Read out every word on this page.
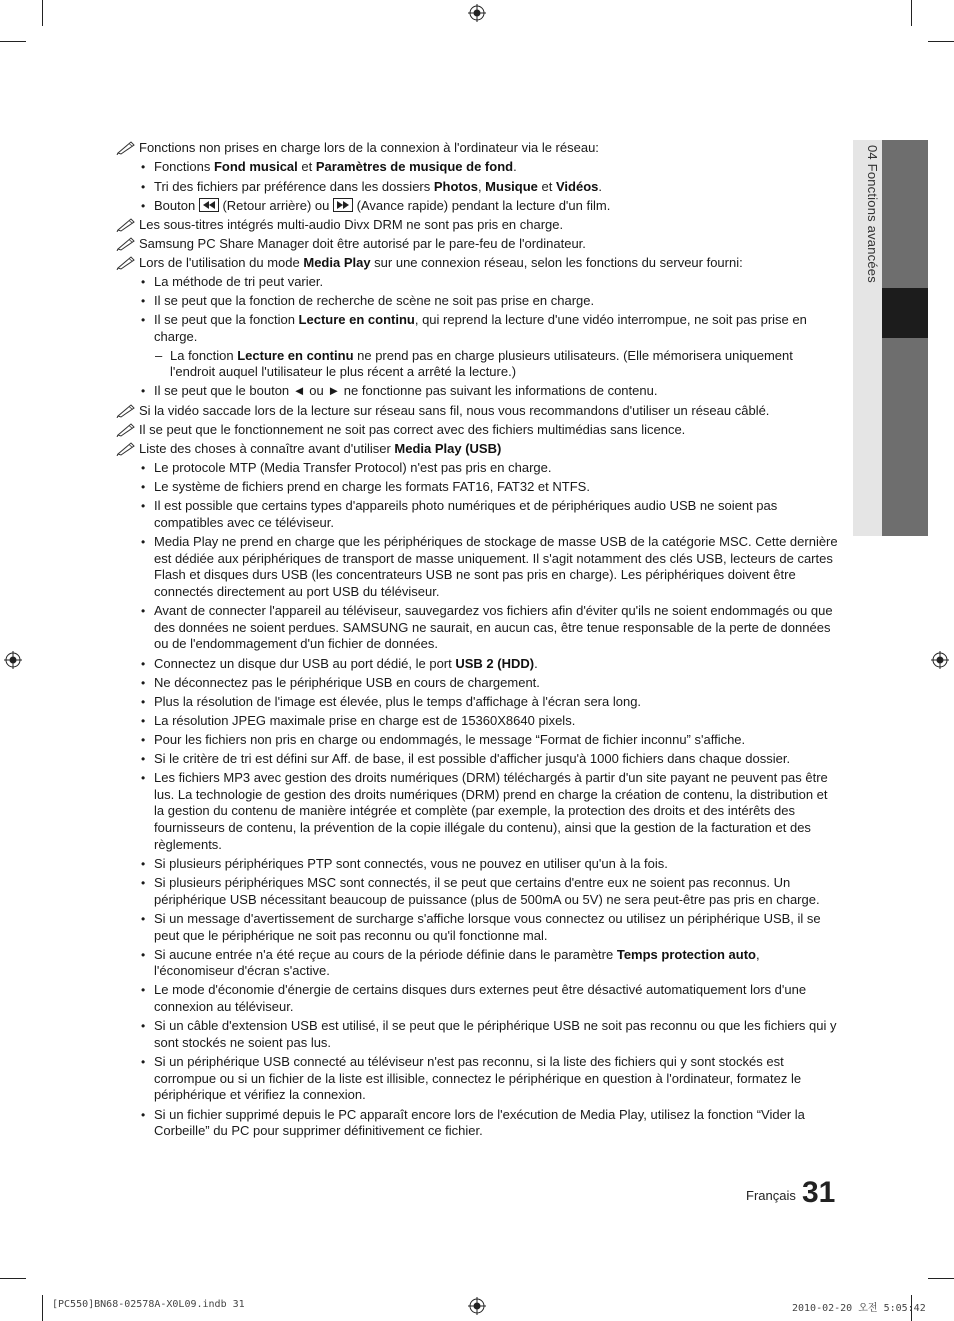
04 Fonctions avancées
Fonctions non prises en charge lors de la connexion à l'ordinateur via le réseau:
• Fonctions Fond musical et Paramètres de musique de fond.
• Tri des fichiers par préférence dans les dossiers Photos, Musique et Vidéos.
• Bouton  (Retour arrière) ou  (Avance rapide) pendant la lecture d'un film.
Les sous-titres intégrés multi-audio Divx DRM ne sont pas pris en charge.
Samsung PC Share Manager doit être autorisé par le pare-feu de l'ordinateur.
Lors de l'utilisation du mode Media Play sur une connexion réseau, selon les fonctions du serveur fourni:
• La méthode de tri peut varier.
• Il se peut que la fonction de recherche de scène ne soit pas prise en charge.
• Il se peut que la fonction Lecture en continu, qui reprend la lecture d'une vidéo interrompue, ne soit pas prise en charge.
– La fonction Lecture en continu ne prend pas en charge plusieurs utilisateurs. (Elle mémorisera uniquement l'endroit auquel l'utilisateur le plus récent a arrêté la lecture.)
• Il se peut que le bouton ◄ ou ► ne fonctionne pas suivant les informations de contenu.
Si la vidéo saccade lors de la lecture sur réseau sans fil, nous vous recommandons d'utiliser un réseau câblé.
Il se peut que le fonctionnement ne soit pas correct avec des fichiers multimédias sans licence.
Liste des choses à connaître avant d'utiliser Media Play (USB)
• Le protocole MTP (Media Transfer Protocol) n'est pas pris en charge.
• Le système de fichiers prend en charge les formats FAT16, FAT32 et NTFS.
• Il est possible que certains types d'appareils photo numériques et de périphériques audio USB ne soient pas compatibles avec ce téléviseur.
• Media Play ne prend en charge que les périphériques de stockage de masse USB de la catégorie MSC. Cette dernière est dédiée aux périphériques de transport de masse uniquement. Il s'agit notamment des clés USB, lecteurs de cartes Flash et disques durs USB (les concentrateurs USB ne sont pas pris en charge). Les périphériques doivent être connectés directement au port USB du téléviseur.
• Avant de connecter l'appareil au téléviseur, sauvegardez vos fichiers afin d'éviter qu'ils ne soient endommagés ou que des données ne soient perdues. SAMSUNG ne saurait, en aucun cas, être tenue responsable de la perte de données ou de l'endommagement d'un fichier de données.
• Connectez un disque dur USB au port dédié, le port USB 2 (HDD).
• Ne déconnectez pas le périphérique USB en cours de chargement.
• Plus la résolution de l'image est élevée, plus le temps d'affichage à l'écran sera long.
• La résolution JPEG maximale prise en charge est de 15360X8640 pixels.
• Pour les fichiers non pris en charge ou endommagés, le message “Format de fichier inconnu” s'affiche.
• Si le critère de tri est défini sur Aff. de base, il est possible d'afficher jusqu'à 1000 fichiers dans chaque dossier.
• Les fichiers MP3 avec gestion des droits numériques (DRM) téléchargés à partir d'un site payant ne peuvent pas être lus. La technologie de gestion des droits numériques (DRM) prend en charge la création de contenu, la distribution et la gestion du contenu de manière intégrée et complète (par exemple, la protection des droits et des intérêts des fournisseurs de contenu, la prévention de la copie illégale du contenu), ainsi que la gestion de la facturation et des règlements.
• Si plusieurs périphériques PTP sont connectés, vous ne pouvez en utiliser qu'un à la fois.
• Si plusieurs périphériques MSC sont connectés, il se peut que certains d'entre eux ne soient pas reconnus. Un périphérique USB nécessitant beaucoup de puissance (plus de 500mA ou 5V) ne sera peut-être pas pris en charge.
• Si un message d'avertissement de surcharge s'affiche lorsque vous connectez ou utilisez un périphérique USB, il se peut que le périphérique ne soit pas reconnu ou qu'il fonctionne mal.
• Si aucune entrée n'a été reçue au cours de la période définie dans le paramètre Temps protection auto, l'économiseur d'écran s'active.
• Le mode d'économie d'énergie de certains disques durs externes peut être désactivé automatiquement lors d'une connexion au téléviseur.
• Si un câble d'extension USB est utilisé, il se peut que le périphérique USB ne soit pas reconnu ou que les fichiers qui y sont stockés ne soient pas lus.
• Si un périphérique USB connecté au téléviseur n'est pas reconnu, si la liste des fichiers qui y sont stockés est corrompue ou si un fichier de la liste est illisible, connectez le périphérique en question à l'ordinateur, formatez le périphérique et vérifiez la connexion.
• Si un fichier supprimé depuis le PC apparaît encore lors de l'exécution de Media Play, utilisez la fonction “Vider la Corbeille” du PC pour supprimer définitivement ce fichier.
Français 31
[PC550]BN68-02578A-X0L09.indb 31	2010-02-20 오전 5:05:42
